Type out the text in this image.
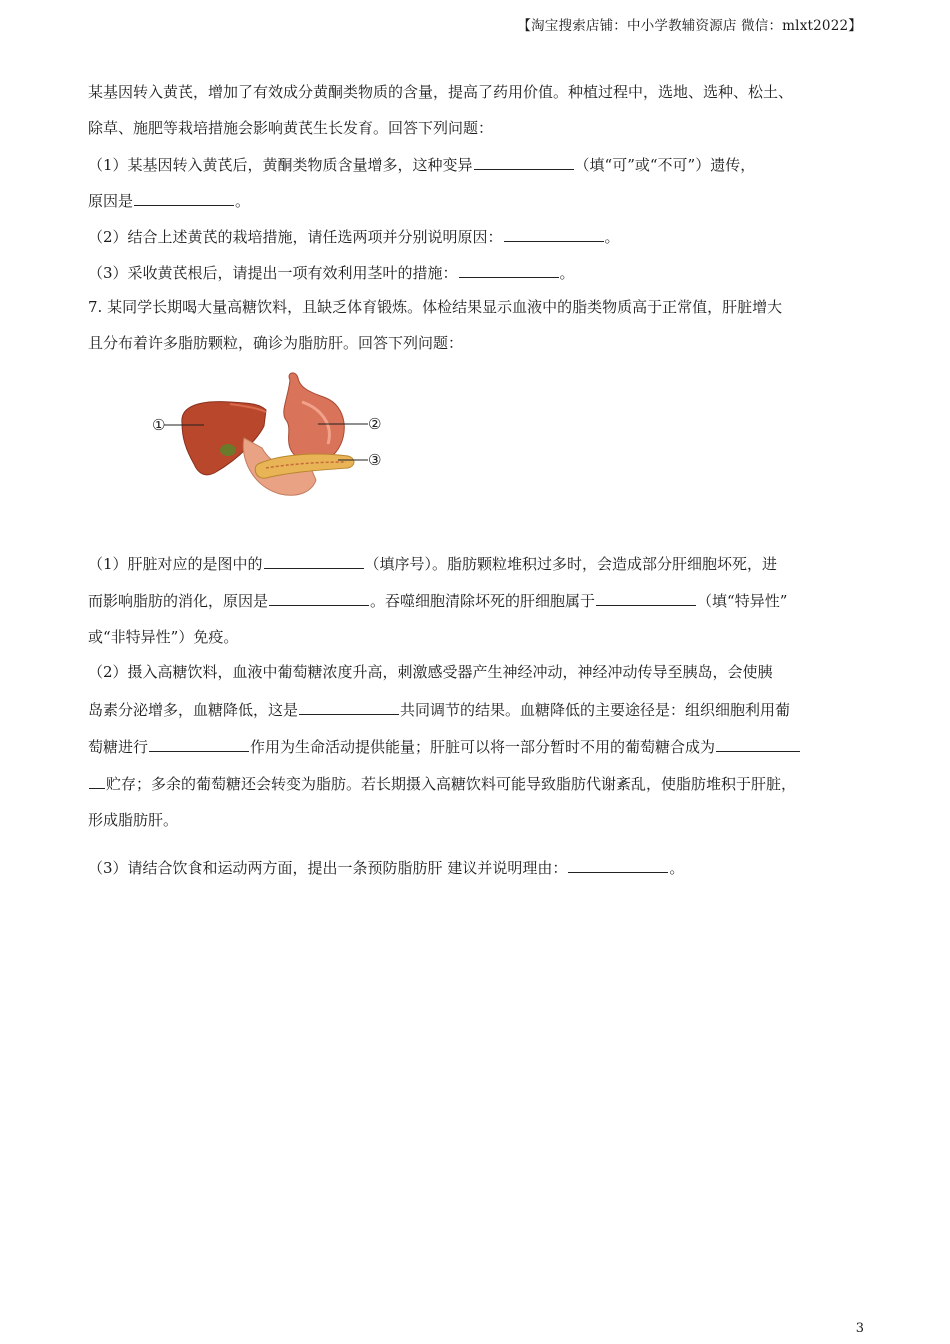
【淘宝搜索店铺：中小学教辅资源店 微信：mlxt2022】
某基因转入黄芪，增加了有效成分黄酮类物质的含量，提高了药用价值。种植过程中，选地、选种、松土、
除草、施肥等栽培措施会影响黄芪生长发育。回答下列问题：
（1）某基因转入黄芪后，黄酮类物质含量增多，这种变异	（填“可”或“不可”）遗传，
原因是	。
（2）结合上述黄芪的栽培措施，请任选两项并分别说明原因：	。
（3）采收黄芪根后，请提出一项有效利用茎叶的措施：	。
7. 某同学长期喝大量高糖饮料，且缺乏体育锻炼。体检结果显示血液中的脂类物质高于正常值，肝脏增大
且分布着许多脂肪颗粒，确诊为脂肪肝。回答下列问题：
①	②
③
（1）肝脏对应的是图中的	（填序号）。脂肪颗粒堆积过多时，会造成部分肝细胞坏死，进
而影响脂肪的消化，原因是	。吞噬细胞清除坏死的肝细胞属于	（填“特异性”
或“非特异性”）免疫。
（2）摄入高糖饮料，血液中葡萄糖浓度升高，刺激感受器产生神经冲动，神经冲动传导至胰岛，会使胰
岛素分泌增多，血糖降低，这是	共同调节的结果。血糖降低的主要途径是：组织细胞利用葡
萄糖进行	作用为生命活动提供能量；肝脏可以将一部分暂时不用的葡萄糖合成为
贮存；多余的葡萄糖还会转变为脂肪。若长期摄入高糖饮料可能导致脂肪代谢紊乱，使脂肪堆积于肝脏，
形成脂肪肝。
（3）请结合饮食和运动两方面，提出一条预防脂肪肝 建议并说明理由：	。
3
